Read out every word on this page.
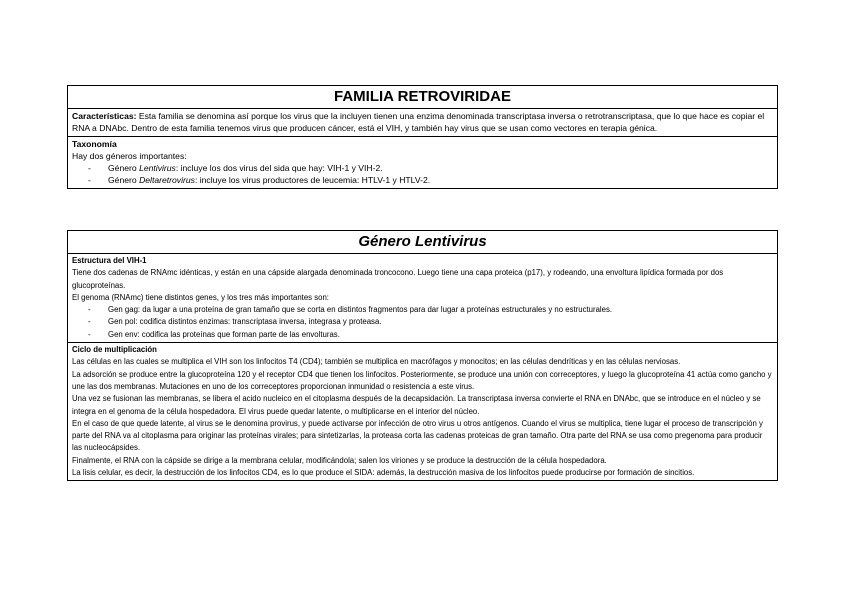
FAMILIA RETROVIRIDAE
Características: Esta familia se denomina así porque los virus que la incluyen tienen una enzima denominada transcriptasa inversa o retrotranscriptasa, que lo que hace es copiar el RNA a DNAbc. Dentro de esta familia tenemos virus que producen cáncer, está el VIH, y también hay virus que se usan como vectores en terapia génica.

Taxonomía

Hay dos géneros importantes:

- Género Lentivirus: incluye los dos virus del sida que hay: VIH-1 y VIH-2.
- Género Deltaretrovirus: incluye los virus productores de leucemia: HTLV-1 y HTLV-2.
Género Lentivirus

Estructura del VIH-1

Tiene dos cadenas de RNAmc idénticas, y están en una cápside alargada denominada troncocono. Luego tiene una capa proteica (p17), y rodeando, una envoltura lipídica formada por dos glucoproteínas.

El genoma (RNAmc) tiene distintos genes, y los tres más importantes son:

- Gen gag: da lugar a una proteína de gran tamaño que se corta en distintos fragmentos para dar lugar a proteínas estructurales y no estructurales.
- Gen pol: codifica distintos enzimas: transcriptasa inversa, integrasa y proteasa.
- Gen env: codifica las proteínas que forman parte de las envolturas.

Ciclo de multiplicación

Las células en las cuales se multiplica el VIH son los linfocitos T4 (CD4); también se multiplica en macrófagos y monocitos; en las células dendríticas y en las células nerviosas.

La adsorción se produce entre la glucoproteína 120 y el receptor CD4 que tienen los linfocitos. Posteriormente, se produce una unión con correceptores, y luego la glucoproteína 41 actúa como gancho y une las dos membranas. Mutaciones en uno de los correceptores proporcionan inmunidad o resistencia a este virus.

Una vez se fusionan las membranas, se libera el acido nucleico en el citoplasma después de la decapsidación. La transcriptasa inversa convierte el RNA en DNAbc, que se introduce en el núcleo y se integra en el genoma de la célula hospedadora. El virus puede quedar latente, o multiplicarse en el interior del núcleo.

En el caso de que quede latente, al virus se le denomina provirus, y puede activarse por infección de otro virus u otros antígenos. Cuando el virus se multiplica, tiene lugar el proceso de transcripción y parte del RNA va al citoplasma para originar las proteínas virales; para sintetizarlas, la proteasa corta las cadenas proteicas de gran tamaño. Otra parte del RNA se usa como pregenoma para producir las nucleocápsides.

Finalmente, el RNA con la cápside se dirige a la membrana celular, modificándola; salen los viriones y se produce la destrucción de la célula hospedadora.

La lisis celular, es decir, la destrucción de los linfocitos CD4, es lo que produce el SIDA: además, la destrucción masiva de los linfocitos puede producirse por formación de sincitios.
